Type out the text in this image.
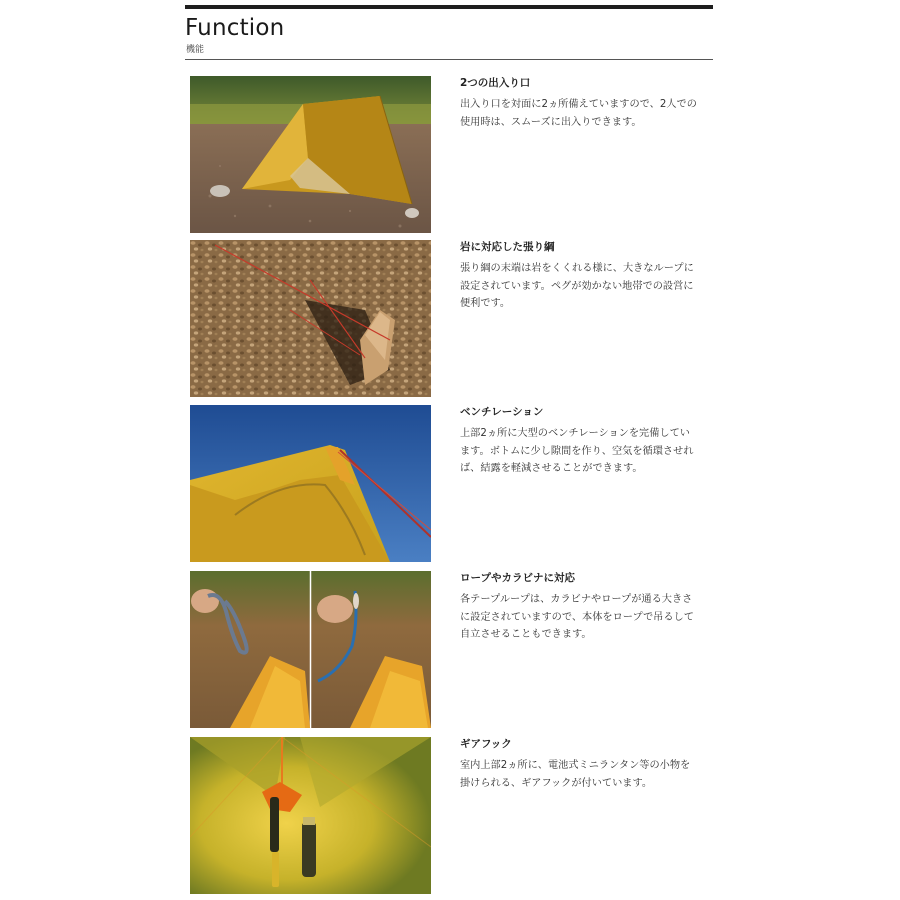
Function
機能
2つの出入り口
出入り口を対面に2ヵ所備えていますので、2人での
使用時は、スムーズに出入りできます。
岩に対応した張り綱
張り綱の末端は岩をくくれる様に、大きなループに
設定されています。ペグが効かない地帯での設営に
便利です。
ベンチレーション
上部2ヵ所に大型のベンチレーションを完備してい
ます。ボトムに少し隙間を作り、空気を循環させれ
ば、結露を軽減させることができます。
ロープやカラビナに対応
各テープループは、カラビナやロープが通る大きさ
に設定されていますので、本体をロープで吊るして
自立させることもできます。
ギアフック
室内上部2ヵ所に、電池式ミニランタン等の小物を
掛けられる、ギアフックが付いています。
